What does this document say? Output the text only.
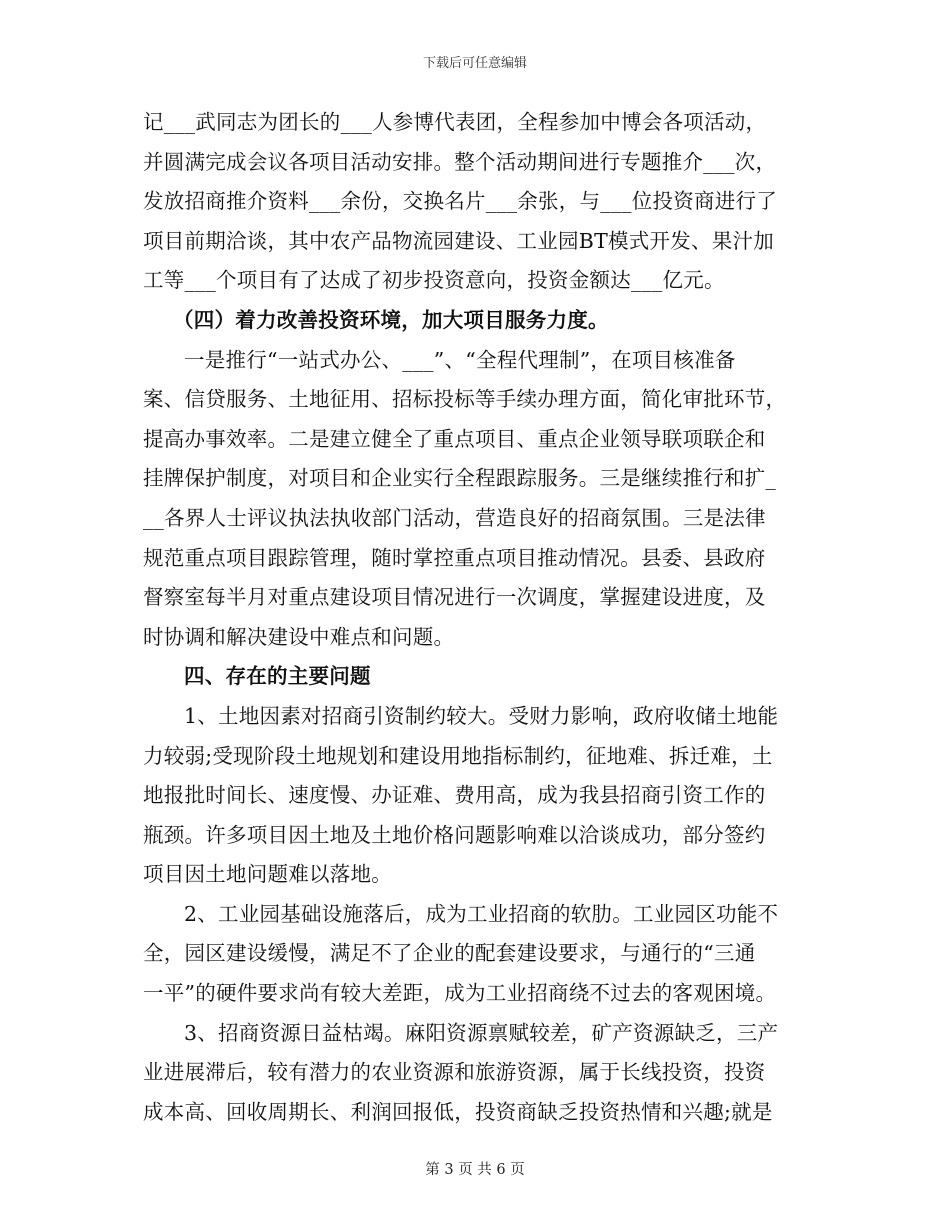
下载后可任意编辑
记___武同志为团长的___人参博代表团，全程参加中博会各项活动，
并圆满完成会议各项目活动安排。整个活动期间进行专题推介___次，
发放招商推介资料___余份，交换名片___余张，与___位投资商进行了
项目前期洽谈，其中农产品物流园建设、工业园BT模式开发、果汁加
工等___个项目有了达成了初步投资意向，投资金额达___亿元。
（四）着力改善投资环境，加大项目服务力度。
一是推行“一站式办公、___”、“全程代理制”，在项目核准备
案、信贷服务、土地征用、招标投标等手续办理方面，简化审批环节，
提高办事效率。二是建立健全了重点项目、重点企业领导联项联企和
挂牌保护制度，对项目和企业实行全程跟踪服务。三是继续推行和扩_
__各界人士评议执法执收部门活动，营造良好的招商氛围。三是法律
规范重点项目跟踪管理，随时掌控重点项目推动情况。县委、县政府
督察室每半月对重点建设项目情况进行一次调度，掌握建设进度，及
时协调和解决建设中难点和问题。
四、存在的主要问题
1、土地因素对招商引资制约较大。受财力影响，政府收储土地能
力较弱;受现阶段土地规划和建设用地指标制约，征地难、拆迁难，土
地报批时间长、速度慢、办证难、费用高，成为我县招商引资工作的
瓶颈。许多项目因土地及土地价格问题影响难以洽谈成功，部分签约
项目因土地问题难以落地。
2、工业园基础设施落后，成为工业招商的软肋。工业园区功能不
全，园区建设缓慢，满足不了企业的配套建设要求，与通行的“三通
一平”的硬件要求尚有较大差距，成为工业招商绕不过去的客观困境。
3、招商资源日益枯竭。麻阳资源禀赋较差，矿产资源缺乏，三产
业进展滞后，较有潜力的农业资源和旅游资源，属于长线投资，投资
成本高、回收周期长、利润回报低，投资商缺乏投资热情和兴趣;就是
第 3 页 共 6 页
